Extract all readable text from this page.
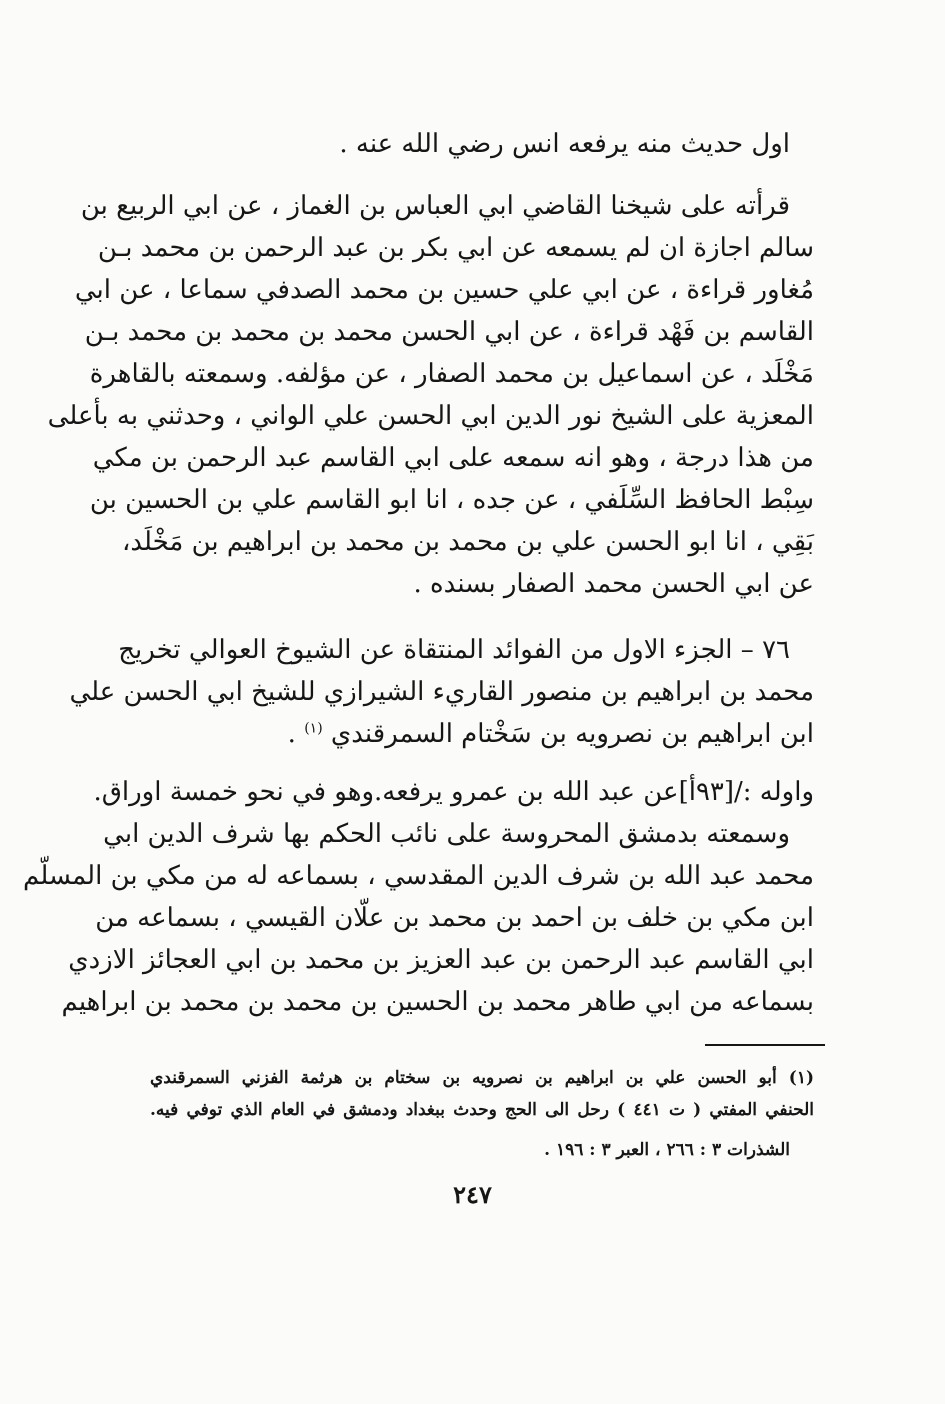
اول حديث منه يرفعه انس رضي الله عنه .
قرأته على شيخنا القاضي ابي العباس بن الغماز ، عن ابي الربيع بن
سالم اجازة ان لم يسمعه عن ابي بكر بن عبد الرحمن بن محمد بـن
مُغاور قراءة ، عن ابي علي حسين بن محمد الصدفي سماعا ، عن ابي
القاسم بن فَهْد قراءة ، عن ابي الحسن محمد بن محمد بن محمد بـن
مَخْلَد ، عن اسماعيل بن محمد الصفار ، عن مؤلفه. وسمعته بالقاهرة
المعزية على الشيخ نور الدين ابي الحسن علي الواني ، وحدثني به بأعلى
من هذا درجة ، وهو انه سمعه على ابي القاسم عبد الرحمن بن مكي
سِبْط الحافظ السِّلَفي ، عن جده ، انا ابو القاسم علي بن الحسين بن
بَقِي ، انا ابو الحسن علي بن محمد بن محمد بن ابراهيم بن مَخْلَد،
عن ابي الحسن محمد الصفار بسنده .
٧٦ – الجزء الاول من الفوائد المنتقاة عن الشيوخ العوالي تخريج
محمد بن ابراهيم بن منصور القاريء الشيرازي للشيخ ابي الحسن علي
ابن ابراهيم بن نصرويه بن سَخْتام السمرقندي $^{(١)}$ .
واوله :/[٩٣أ]عن عبد الله بن عمرو يرفعه.وهو في نحو خمسة اوراق.
وسمعته بدمشق المحروسة على نائب الحكم بها شرف الدين ابي
محمد عبد الله بن شرف الدين المقدسي ، بسماعه له من مكي بن المسلّم
ابن مكي بن خلف بن احمد بن محمد بن علّان القيسي ، بسماعه من
ابي القاسم عبد الرحمن بن عبد العزيز بن محمد بن ابي العجائز الازدي
بسماعه من ابي طاهر محمد بن الحسين بن محمد بن محمد بن ابراهيم
(١) أبو الحسن علي بن ابراهيم بن نصرويه بن سختام بن هرثمة الفزني السمرقندي
الحنفي المفتي ( ت ٤٤١ ) رحل الى الحج وحدث ببغداد ودمشق في العام الذي توفي فيه.
الشذرات ٣ : ٢٦٦ ، العبر ٣ : ١٩٦ .
٢٤٧
